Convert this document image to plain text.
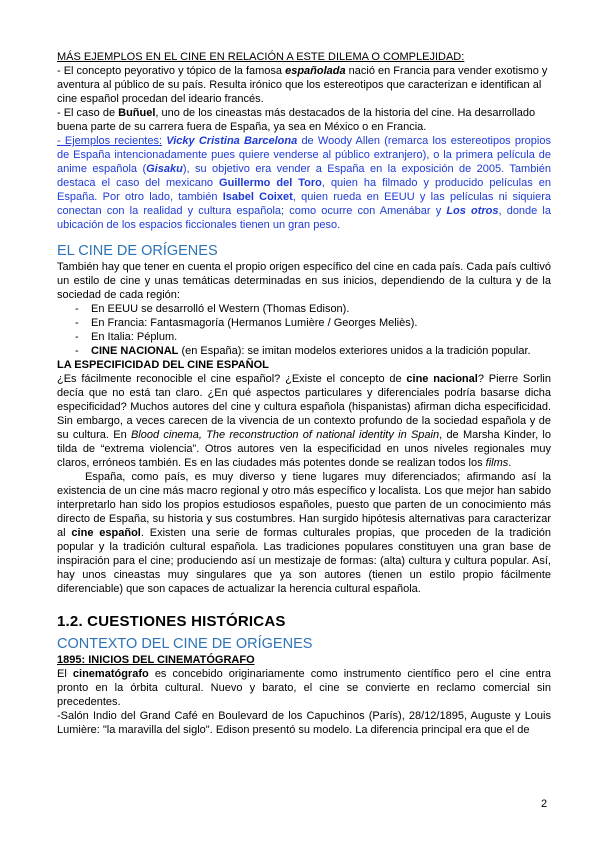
MÁS EJEMPLOS EN EL CINE EN RELACIÓN A ESTE DILEMA O COMPLEJIDAD:

- El concepto peyorativo y tópico de la famosa españolada nació en Francia para vender exotismo y aventura al público de su país. Resulta irónico que los estereotipos que caracterizan e identifican al cine español procedan del ideario francés.

- El caso de Buñuel, uno de los cineastas más destacados de la historia del cine. Ha desarrollado buena parte de su carrera fuera de España, ya sea en México o en Francia.

- Ejemplos recientes: Vicky Cristina Barcelona de Woody Allen (remarca los estereotipos propios de España intencionadamente pues quiere venderse al público extranjero), o la primera película de anime española (Gisaku), su objetivo era vender a España en la exposición de 2005. También destaca el caso del mexicano Guillermo del Toro, quien ha filmado y producido películas en España. Por otro lado, también Isabel Coixet, quien rueda en EEUU y las películas ni siquiera conectan con la realidad y cultura española; como ocurre con Amenábar y Los otros, donde la ubicación de los espacios ficcionales tienen un gran peso.

EL CINE DE ORÍGENES

También hay que tener en cuenta el propio origen específico del cine en cada país. Cada país cultivó un estilo de cine y unas temáticas determinadas en sus inicios, dependiendo de la cultura y de la sociedad de cada región:

- En EEUU se desarrolló el Western (Thomas Edison).
- En Francia: Fantasmagoría (Hermanos Lumière / Georges Meliès).
- En Italia: Péplum.
- CINE NACIONAL (en España): se imitan modelos exteriores unidos a la tradición popular.

LA ESPECIFICIDAD DEL CINE ESPAÑOL

¿Es fácilmente reconocible el cine español? ¿Existe el concepto de cine nacional? Pierre Sorlin decía que no está tan claro. ¿En qué aspectos particulares y diferenciales podría basarse dicha especificidad? Muchos autores del cine y cultura española (hispanistas) afirman dicha especificidad. Sin embargo, a veces carecen de la vivencia de un contexto profundo de la sociedad española y de su cultura. En Blood cinema, The reconstruction of national identity in Spain, de Marsha Kinder, lo tilda de “extrema violencia”. Otros autores ven la especificidad en unos niveles regionales muy claros, erróneos también. Es en las ciudades más potentes donde se realizan todos los films.

España, como país, es muy diverso y tiene lugares muy diferenciados; afirmando así la existencia de un cine más macro regional y otro más específico y localista. Los que mejor han sabido interpretarlo han sido los propios estudiosos españoles, puesto que parten de un conocimiento más directo de España, su historia y sus costumbres. Han surgido hipótesis alternativas para caracterizar al cine español. Existen una serie de formas culturales propias, que proceden de la tradición popular y la tradición cultural española. Las tradiciones populares constituyen una gran base de inspiración para el cine; produciendo así un mestizaje de formas: (alta) cultura y cultura popular. Así, hay unos cineastas muy singulares que ya son autores (tienen un estilo propio fácilmente diferenciable) que son capaces de actualizar la herencia cultural española.

1.2. CUESTIONES HISTÓRICAS

CONTEXTO DEL CINE DE ORÍGENES

1895: INICIOS DEL CINEMATÓGRAFO

El cinematógrafo es concebido originariamente como instrumento científico pero el cine entra pronto en la órbita cultural. Nuevo y barato, el cine se convierte en reclamo comercial sin precedentes.

-Salón Indio del Grand Café en Boulevard de los Capuchinos (París), 28/12/1895, Auguste y Louis Lumière: "la maravilla del siglo". Edison presentó su modelo. La diferencia principal era que el de

2
